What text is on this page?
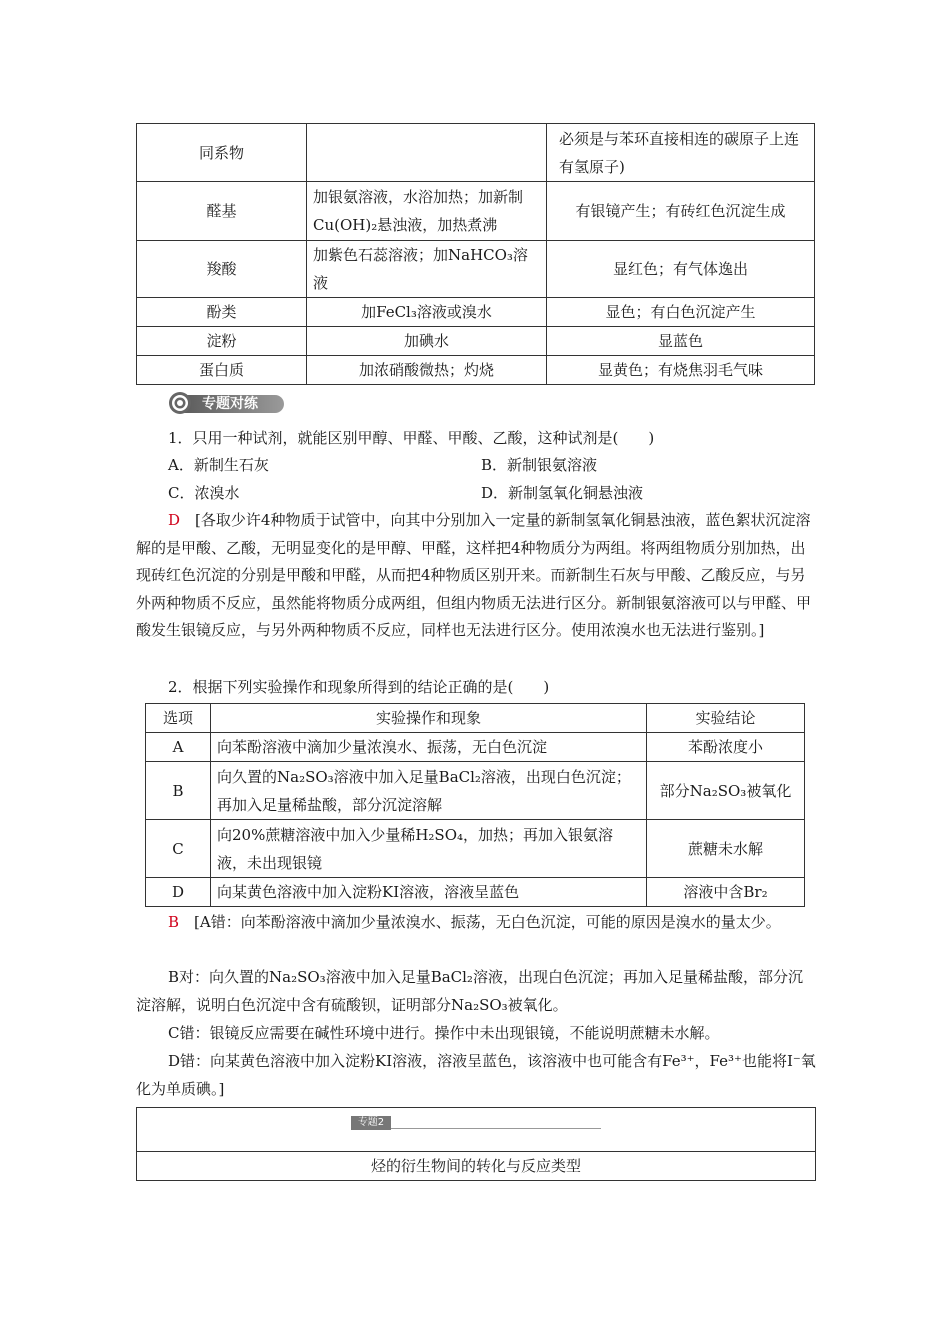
同系物		必须是与苯环直接相连的碳原子上连有氢原子)
醛基	加银氨溶液，水浴加热；加新制Cu(OH)₂悬浊液，加热煮沸	有银镜产生；有砖红色沉淀生成
羧酸	加紫色石蕊溶液；加NaHCO₃溶液	显红色；有气体逸出
酚类	加FeCl₃溶液或溴水	显色；有白色沉淀产生
淀粉	加碘水	显蓝色
蛋白质	加浓硝酸微热；灼烧	显黄色；有烧焦羽毛气味
专题对练
1．只用一种试剂，就能区别甲醇、甲醛、甲酸、乙酸，这种试剂是(　　)
A．新制生石灰	B．新制银氨溶液
C．浓溴水	D．新制氢氧化铜悬浊液
D　 [各取少许4种物质于试管中，向其中分别加入一定量的新制氢氧化铜悬浊液，蓝色絮状沉淀溶解的是甲酸、乙酸，无明显变化的是甲醇、甲醛，这样把4种物质分为两组。将两组物质分别加热，出现砖红色沉淀的分别是甲酸和甲醛，从而把4种物质区别开来。而新制生石灰与甲酸、乙酸反应，与另外两种物质不反应，虽然能将物质分成两组，但组内物质无法进行区分。新制银氨溶液可以与甲醛、甲酸发生银镜反应，与另外两种物质不反应，同样也无法进行区分。使用浓溴水也无法进行鉴别。]
2．根据下列实验操作和现象所得到的结论正确的是(　　)
选项	实验操作和现象	实验结论
A	向苯酚溶液中滴加少量浓溴水、振荡，无白色沉淀	苯酚浓度小
B	向久置的Na₂SO₃溶液中加入足量BaCl₂溶液，出现白色沉淀；再加入足量稀盐酸，部分沉淀溶解	部分Na₂SO₃被氧化
C	向20%蔗糖溶液中加入少量稀H₂SO₄，加热；再加入银氨溶液，未出现银镜	蔗糖未水解
D	向某黄色溶液中加入淀粉KI溶液，溶液呈蓝色	溶液中含Br₂
B　 [A错：向苯酚溶液中滴加少量浓溴水、振荡，无白色沉淀，可能的原因是溴水的量太少。
B对：向久置的Na₂SO₃溶液中加入足量BaCl₂溶液，出现白色沉淀；再加入足量稀盐酸，部分沉淀溶解，说明白色沉淀中含有硫酸钡，证明部分Na₂SO₃被氧化。
C错：银镜反应需要在碱性环境中进行。操作中未出现银镜，不能说明蔗糖未水解。
D错：向某黄色溶液中加入淀粉KI溶液，溶液呈蓝色，该溶液中也可能含有Fe³⁺，Fe³⁺也能将I⁻氧化为单质碘。]
专题2
烃的衍生物间的转化与反应类型
